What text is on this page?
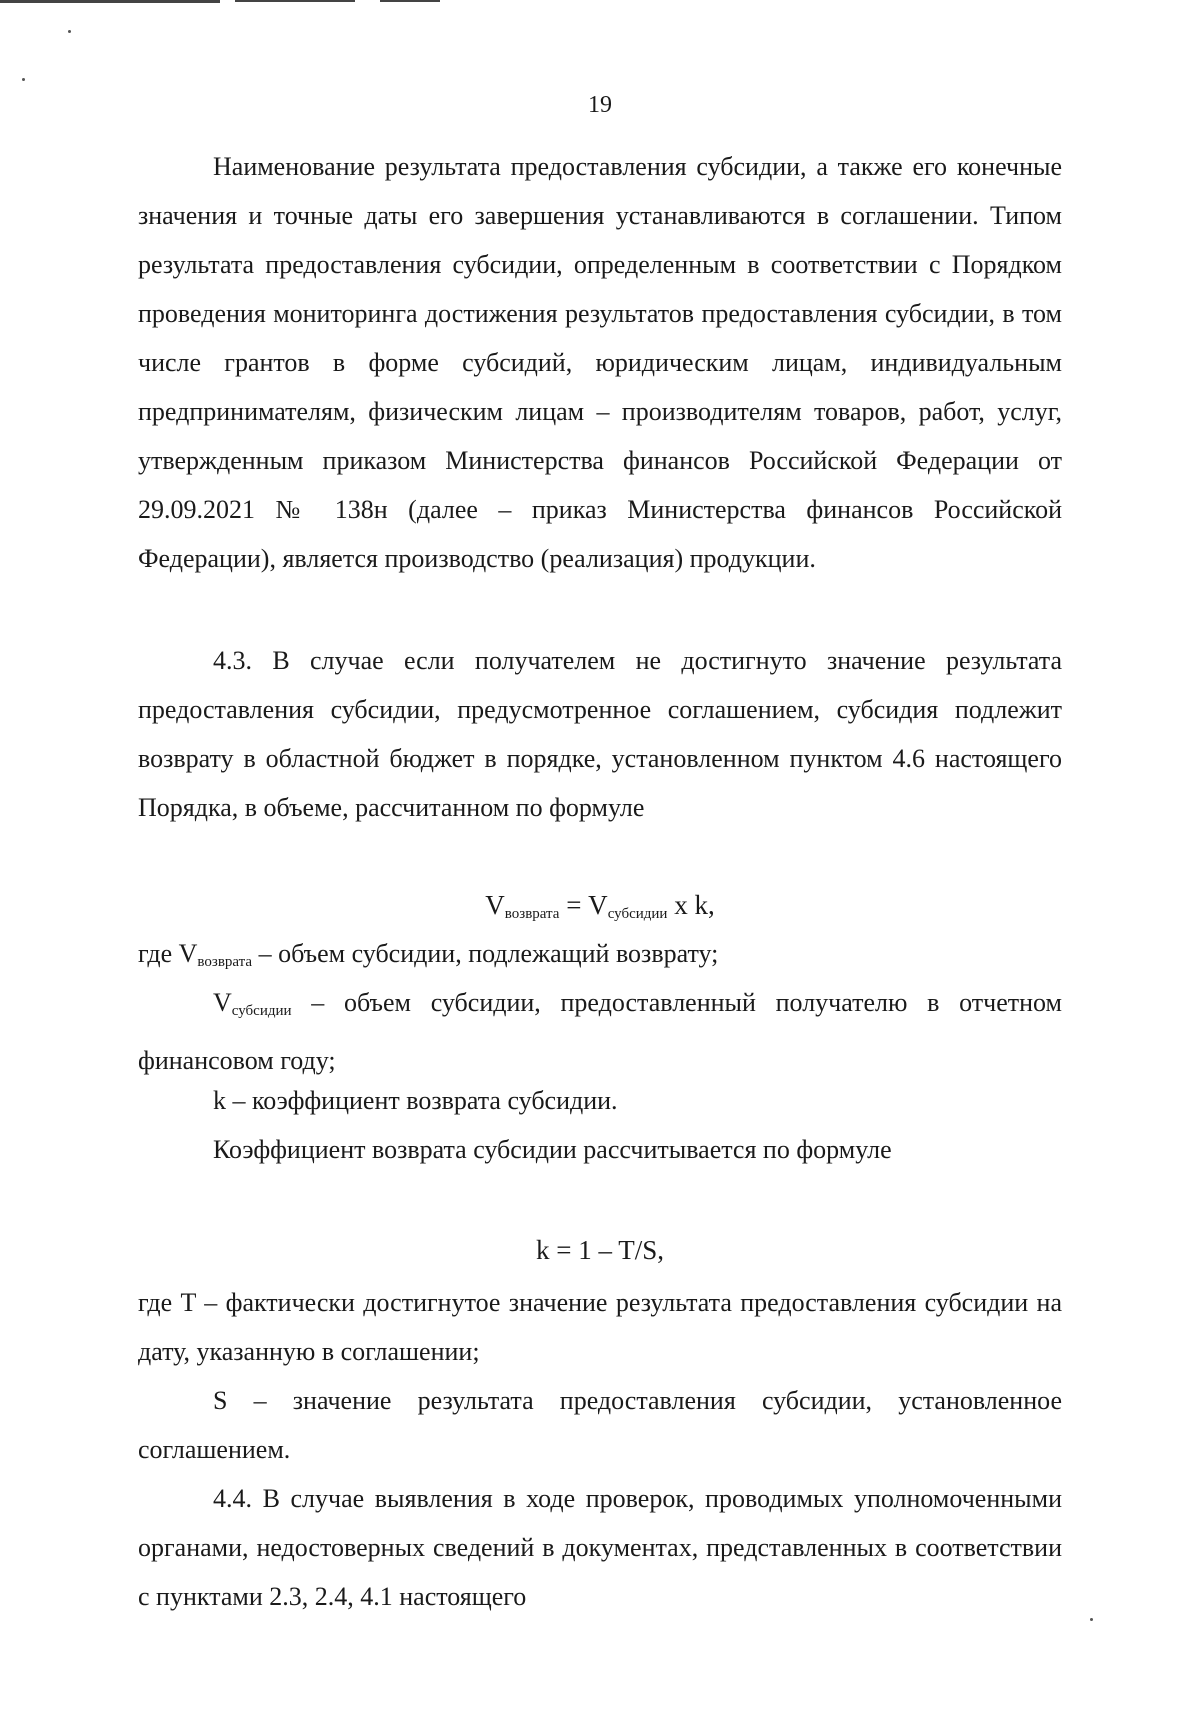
19

Наименование результата предоставления субсидии, а также его конечные значения и точные даты его завершения устанавливаются в соглашении. Типом результата предоставления субсидии, определенным в соответствии с Порядком проведения мониторинга достижения результатов предоставления субсидии, в том числе грантов в форме субсидий, юридическим лицам, индивидуальным предпринимателям, физическим лицам – производителям товаров, работ, услуг, утвержденным приказом Министерства финансов Российской Федерации от 29.09.2021 № 138н (далее – приказ Министерства финансов Российской Федерации), является производство (реализация) продукции.

4.3. В случае если получателем не достигнуто значение результата предоставления субсидии, предусмотренное соглашением, субсидия подлежит возврату в областной бюджет в порядке, установленном пунктом 4.6 настоящего Порядка, в объеме, рассчитанном по формуле

$V_{возврата} = V_{субсидии}$ x k,

где $V_{возврата}$ – объем субсидии, подлежащий возврату;

$V_{субсидии}$ – объем субсидии, предоставленный получателю в отчетном финансовом году;

k – коэффициент возврата субсидии.

Коэффициент возврата субсидии рассчитывается по формуле

k = 1 – T/S,

где T – фактически достигнутое значение результата предоставления субсидии на дату, указанную в соглашении;

S – значение результата предоставления субсидии, установленное соглашением.

4.4. В случае выявления в ходе проверок, проводимых уполномоченными органами, недостоверных сведений в документах, представленных в соответствии с пунктами 2.3, 2.4, 4.1 настоящего
